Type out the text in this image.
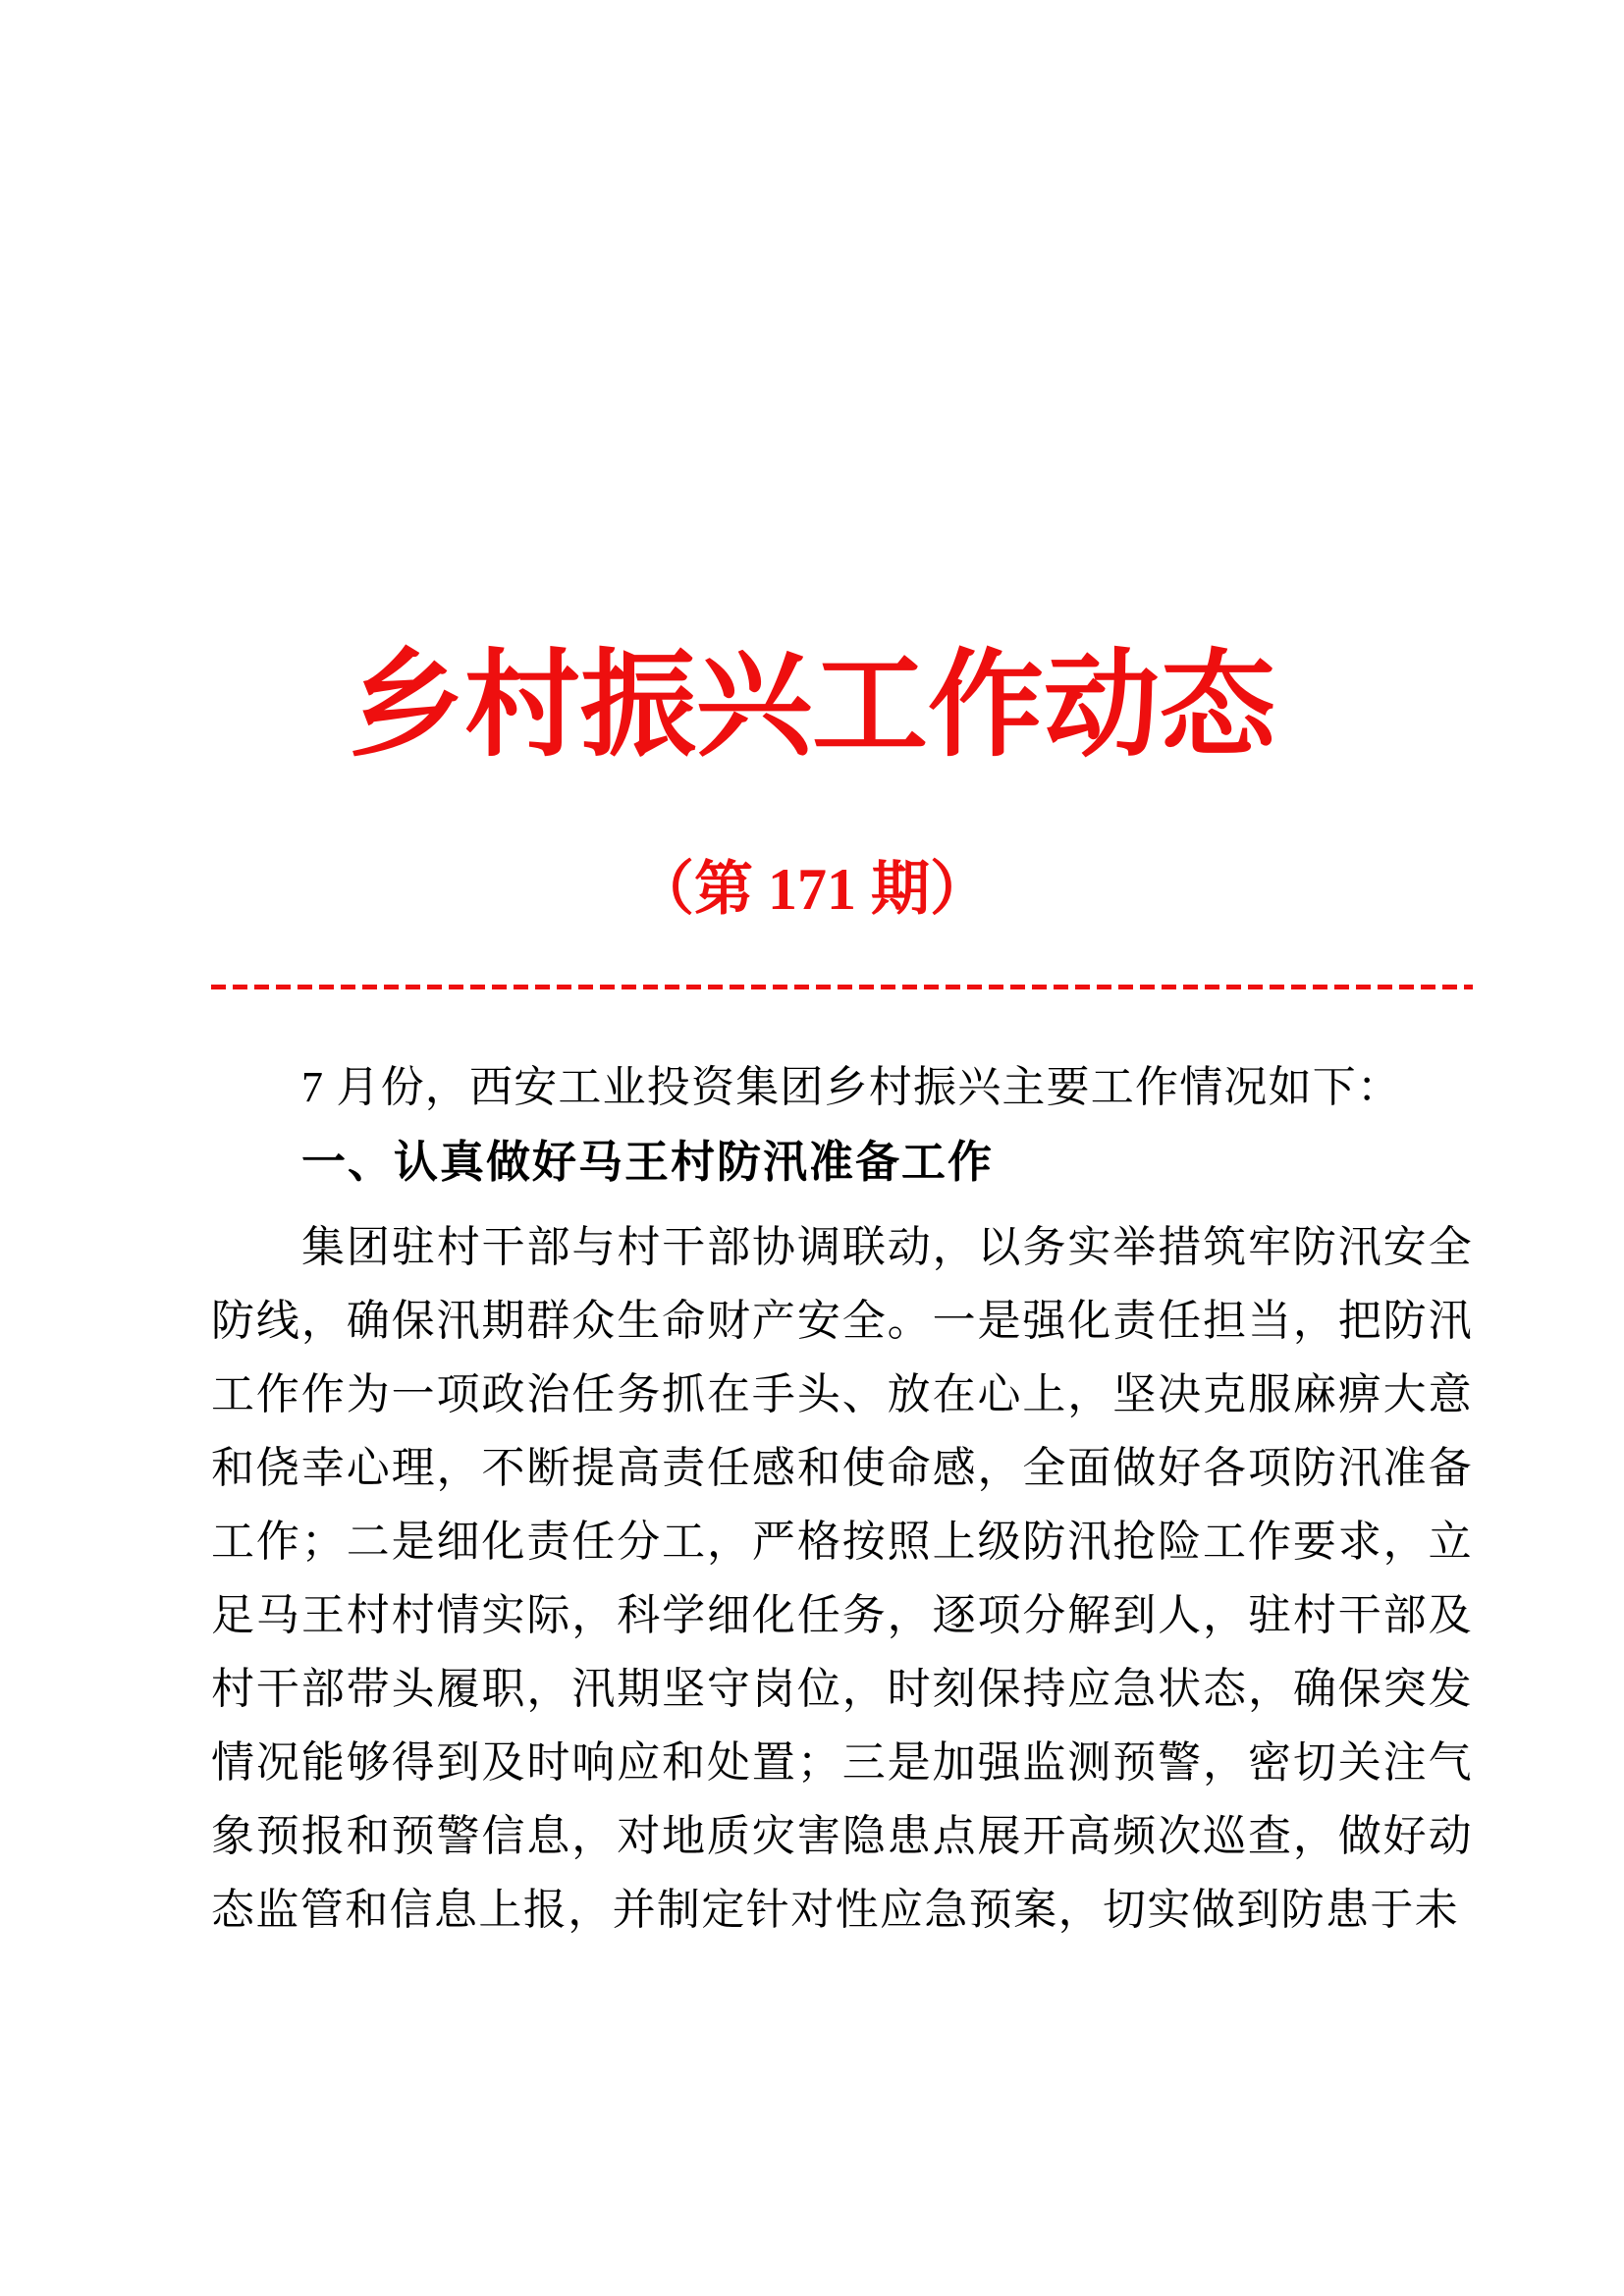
乡村振兴工作动态
（第 171 期）

7 月份，西安工业投资集团乡村振兴主要工作情况如下：

一、认真做好马王村防汛准备工作

集团驻村干部与村干部协调联动，以务实举措筑牢防汛安全防线，确保汛期群众生命财产安全。一是强化责任担当，把防汛工作作为一项政治任务抓在手头、放在心上，坚决克服麻痹大意和侥幸心理，不断提高责任感和使命感，全面做好各项防汛准备工作；二是细化责任分工，严格按照上级防汛抢险工作要求，立足马王村村情实际，科学细化任务，逐项分解到人，驻村干部及村干部带头履职，汛期坚守岗位，时刻保持应急状态，确保突发情况能够得到及时响应和处置；三是加强监测预警，密切关注气象预报和预警信息，对地质灾害隐患点展开高频次巡查，做好动态监管和信息上报，并制定针对性应急预案，切实做到防患于未
